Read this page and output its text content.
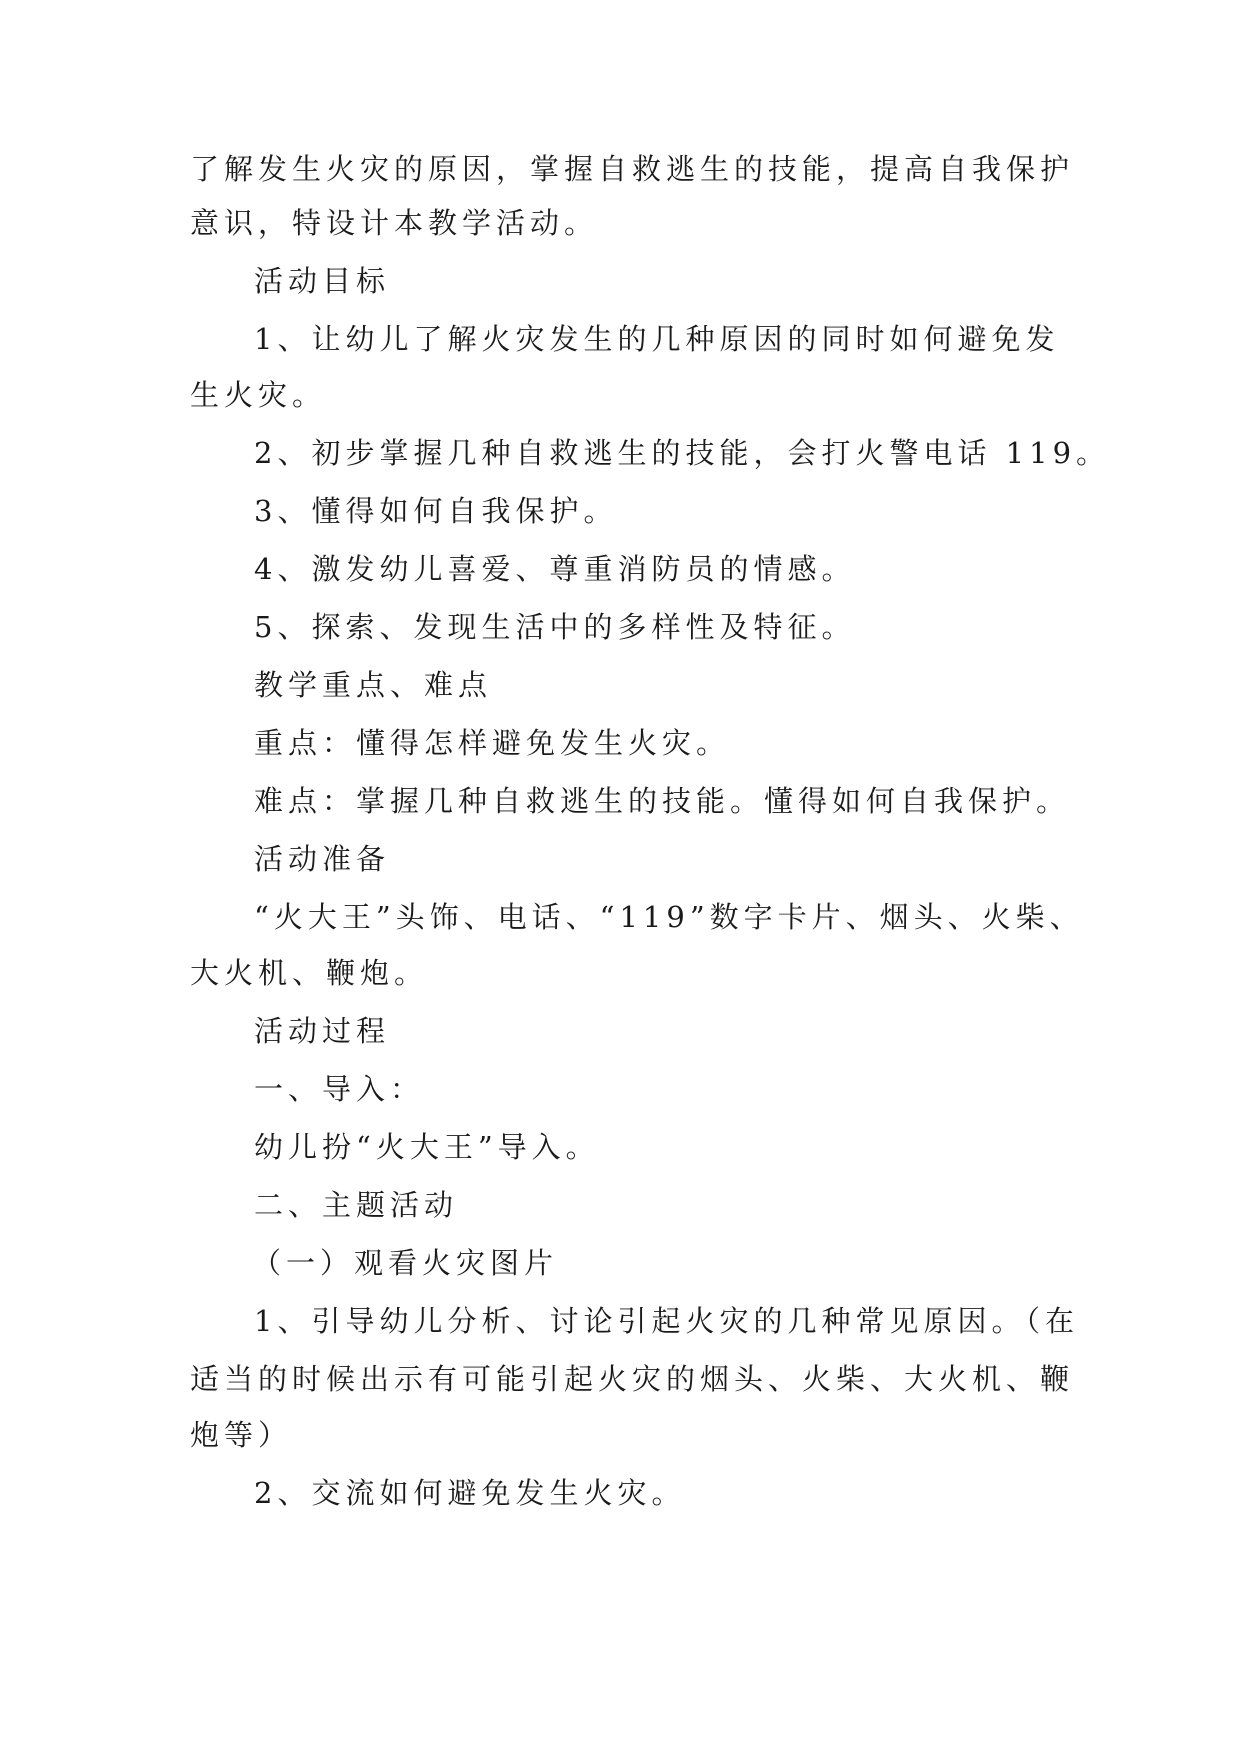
了解发生火灾的原因，掌握自救逃生的技能，提高自我保护

意识，特设计本教学活动。

活动目标

1、让幼儿了解火灾发生的几种原因的同时如何避免发

生火灾。

2、初步掌握几种自救逃生的技能，会打火警电话 119。

3、懂得如何自我保护。

4、激发幼儿喜爱、尊重消防员的情感。

5、探索、发现生活中的多样性及特征。

教学重点、难点

重点：懂得怎样避免发生火灾。

难点：掌握几种自救逃生的技能。懂得如何自我保护。

活动准备

“火大王”头饰、电话、“119”数字卡片、烟头、火柴、

大火机、鞭炮。

活动过程

一、导入：

幼儿扮“火大王”导入。

二、主题活动

（一）观看火灾图片

1、引导幼儿分析、讨论引起火灾的几种常见原因。（在

适当的时候出示有可能引起火灾的烟头、火柴、大火机、鞭

炮等）

2、交流如何避免发生火灾。
